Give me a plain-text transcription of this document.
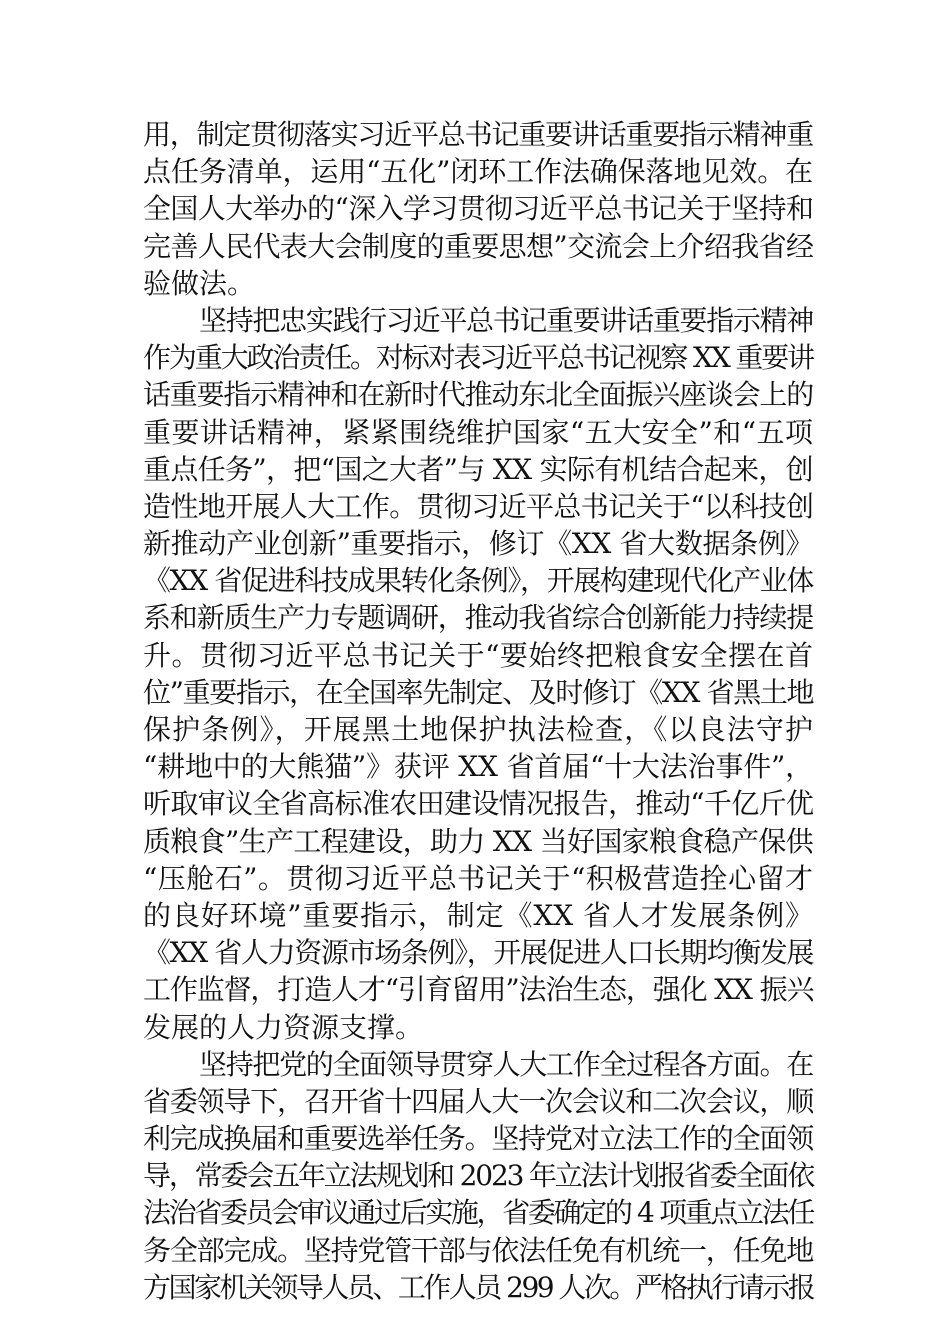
用，制定贯彻落实习近平总书记重要讲话重要指示精神重
点任务清单，运用“五化”闭环工作法确保落地见效。在
全国人大举办的“深入学习贯彻习近平总书记关于坚持和
完善人民代表大会制度的重要思想”交流会上介绍我省经
验做法。
坚持把忠实践行习近平总书记重要讲话重要指示精神
作为重大政治责任。对标对表习近平总书记视察 XX 重要讲
话重要指示精神和在新时代推动东北全面振兴座谈会上的
重要讲话精神，紧紧围绕维护国家“五大安全”和“五项
重点任务”，把“国之大者”与 XX 实际有机结合起来，创
造性地开展人大工作。贯彻习近平总书记关于“以科技创
新推动产业创新”重要指示，修订《XX 省大数据条例》
《XX 省促进科技成果转化条例》，开展构建现代化产业体
系和新质生产力专题调研，推动我省综合创新能力持续提
升。贯彻习近平总书记关于“要始终把粮食安全摆在首
位”重要指示，在全国率先制定、及时修订《XX 省黑土地
保护条例》，开展黑土地保护执法检查，《以良法守护
“耕地中的大熊猫”》获评 XX 省首届“十大法治事件”，
听取审议全省高标准农田建设情况报告，推动“千亿斤优
质粮食”生产工程建设，助力 XX 当好国家粮食稳产保供
“压舱石”。贯彻习近平总书记关于“积极营造拴心留才
的良好环境”重要指示，制定《XX 省人才发展条例》
《XX 省人力资源市场条例》，开展促进人口长期均衡发展
工作监督，打造人才“引育留用”法治生态，强化 XX 振兴
发展的人力资源支撑。
坚持把党的全面领导贯穿人大工作全过程各方面。在
省委领导下，召开省十四届人大一次会议和二次会议，顺
利完成换届和重要选举任务。坚持党对立法工作的全面领
导，常委会五年立法规划和 2023 年立法计划报省委全面依
法治省委员会审议通过后实施，省委确定的 4 项重点立法任
务全部完成。坚持党管干部与依法任免有机统一，任免地
方国家机关领导人员、工作人员 299 人次。严格执行请示报
